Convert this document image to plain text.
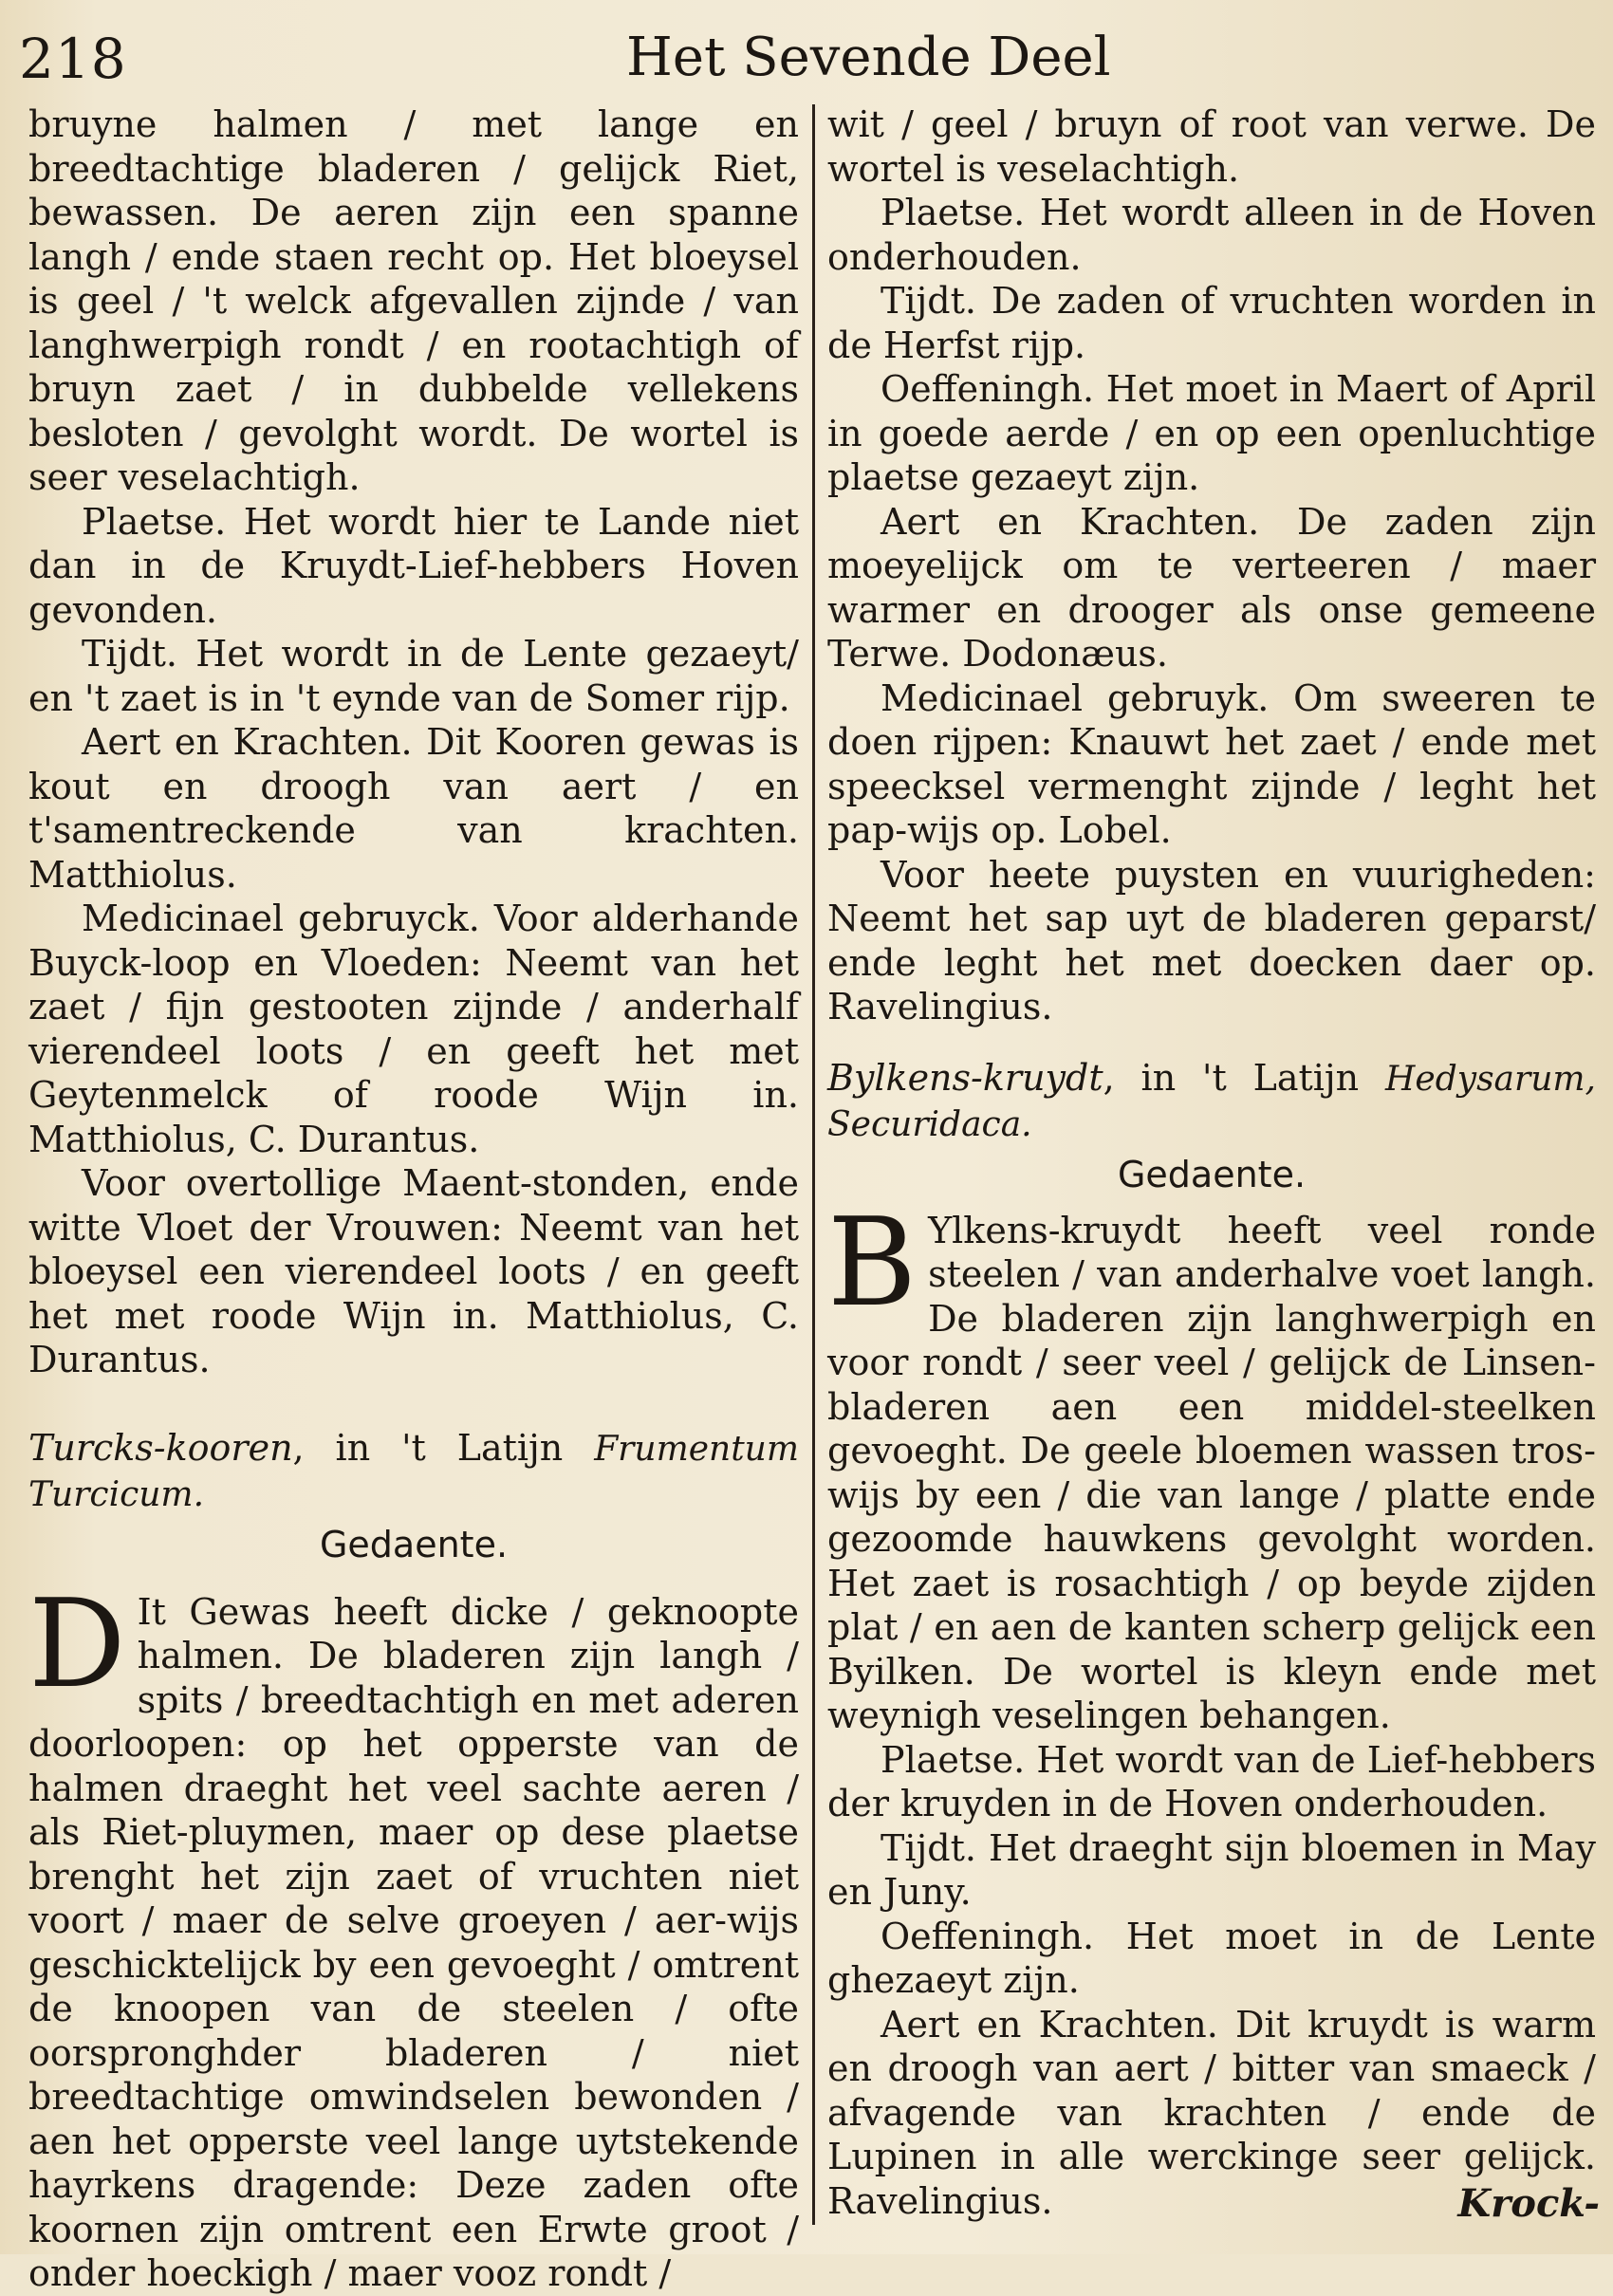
218	Het Sevende Deel

bruyne halmen / met lange en breedtachtige bladeren / gelijck Riet, bewassen. De aeren zijn een spanne langh / ende staen recht op. Het bloeysel is geel / 't welck afgevallen zijnde / van langhwerpigh rondt / en rootachtigh of bruyn zaet / in dubbelde vellekens besloten / gevolght wordt. De wortel is seer veselachtigh.

Plaetse. Het wordt hier te Lande niet dan in de Kruydt-Lief-hebbers Hoven gevonden.

Tijdt. Het wordt in de Lente gezaeyt/ en 't zaet is in 't eynde van de Somer rijp.

Aert en Krachten. Dit Kooren gewas is kout en droogh van aert / en t'samentreckende van krachten. Matthiolus.

Medicinael gebruyck. Voor alderhande Buyck-loop en Vloeden: Neemt van het zaet / fijn gestooten zijnde / anderhalf vierendeel loots / en geeft het met Geytenmelck of roode Wijn in. Matthiolus, C. Durantus.

Voor overtollige Maent-stonden, ende witte Vloet der Vrouwen: Neemt van het bloeysel een vierendeel loots / en geeft het met roode Wijn in. Matthiolus, C. Durantus.

Turcks-kooren, in 't Latijn Frumentum Turcicum.

Gedaente.

D It Gewas heeft dicke / geknoopte halmen. De bladeren zijn langh / spits / breedtachtigh en met aderen doorloopen: op het opperste van de halmen draeght het veel sachte aeren / als Riet-pluymen, maer op dese plaetse brenght het zijn zaet of vruchten niet voort / maer de selve groeyen / aer-wijs geschicktelijck by een gevoeght / omtrent de knoopen van de steelen / ofte oorspronghder bladeren / niet breedtachtige omwindselen bewonden / aen het opperste veel lange uytstekende hayrkens dragende: Deze zaden ofte koornen zijn omtrent een Erwte groot / onder hoeckigh / maer vooz rondt /

wit / geel / bruyn of root van verwe. De wortel is veselachtigh.

Plaetse. Het wordt alleen in de Hoven onderhouden.

Tijdt. De zaden of vruchten worden in de Herfst rijp.

Oeffeningh. Het moet in Maert of April in goede aerde / en op een openluchtige plaetse gezaeyt zijn.

Aert en Krachten. De zaden zijn moeyelijck om te verteeren / maer warmer en drooger als onse gemeene Terwe. Dodonæus.

Medicinael gebruyk. Om sweeren te doen rijpen: Knauwt het zaet / ende met speecksel vermenght zijnde / leght het pap-wijs op. Lobel.

Voor heete puysten en vuurigheden: Neemt het sap uyt de bladeren geparst/ ende leght het met doecken daer op. Ravelingius.

Bylkens-kruydt, in 't Latijn Hedysarum, Securidaca.

Gedaente.

B Ylkens-kruydt heeft veel ronde steelen / van anderhalve voet langh. De bladeren zijn langhwerpigh en voor rondt / seer veel / gelijck de Linsen-bladeren aen een middel-steelken gevoeght. De geele bloemen wassen tros-wijs by een / die van lange / platte ende gezoomde hauwkens gevolght worden. Het zaet is rosachtigh / op beyde zijden plat / en aen de kanten scherp gelijck een Byilken. De wortel is kleyn ende met weynigh veselingen behangen.

Plaetse. Het wordt van de Lief-hebbers der kruyden in de Hoven onderhouden.

Tijdt. Het draeght sijn bloemen in May en Juny.

Oeffeningh. Het moet in de Lente ghezaeyt zijn.

Aert en Krachten. Dit kruydt is warm en droogh van aert / bitter van smaeck / afvagende van krachten / ende de Lupinen in alle werckinge seer gelijck. Ravelingius.	Krock-
